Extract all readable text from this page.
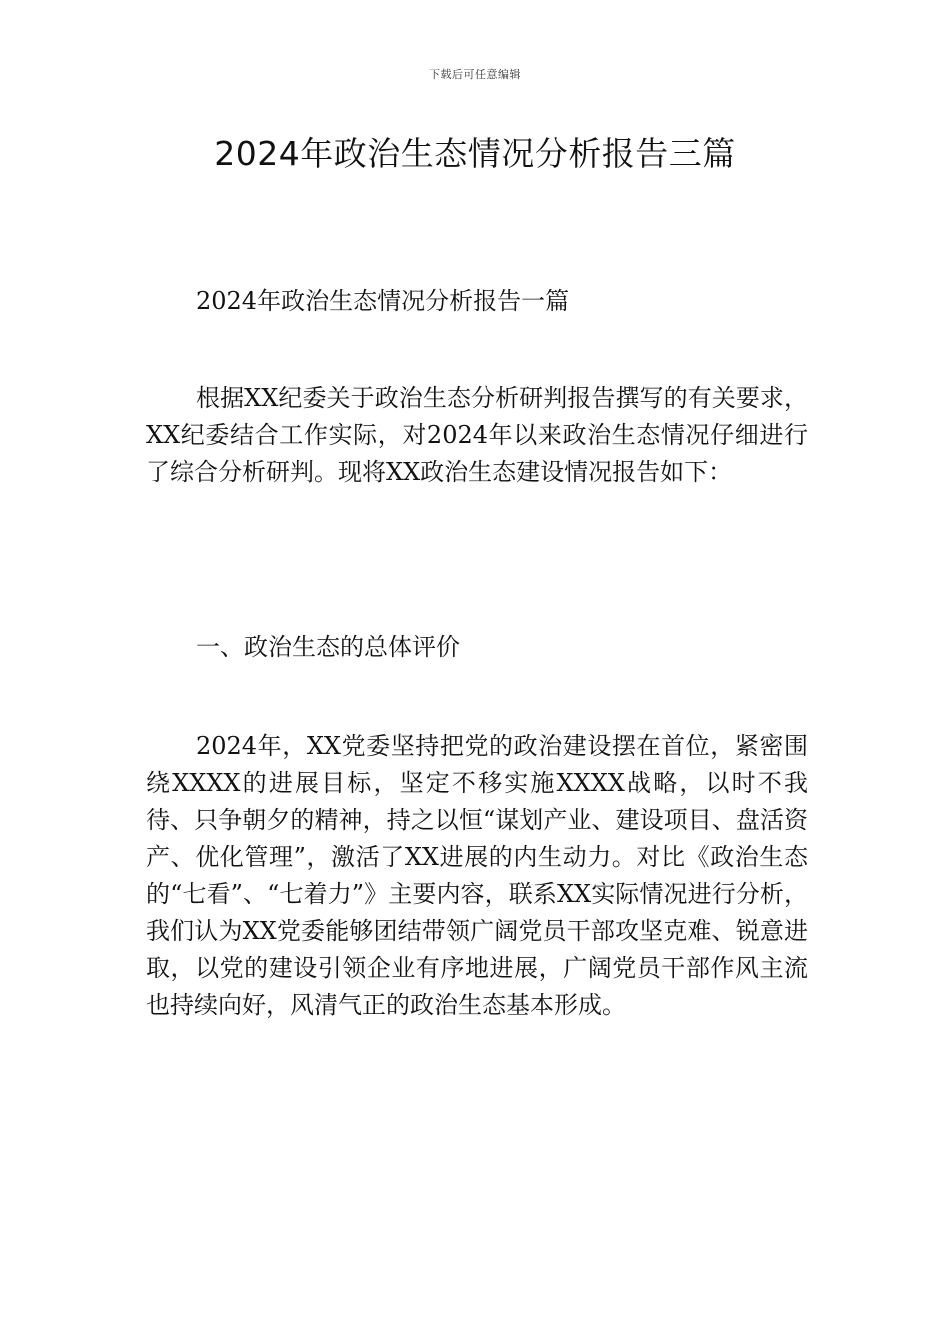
下载后可任意编辑
2024年政治生态情况分析报告三篇

2024年政治生态情况分析报告一篇

根据XX纪委关于政治生态分析研判报告撰写的有关要求，XX纪委结合工作实际，对2024年以来政治生态情况仔细进行了综合分析研判。现将XX政治生态建设情况报告如下：

一、政治生态的总体评价

2024年，XX党委坚持把党的政治建设摆在首位，紧密围绕XXXX的进展目标，坚定不移实施XXXX战略，以时不我待、只争朝夕的精神，持之以恒“谋划产业、建设项目、盘活资产、优化管理”，激活了XX进展的内生动力。对比《政治生态的“七看”、“七着力”》主要内容，联系XX实际情况进行分析，我们认为XX党委能够团结带领广阔党员干部攻坚克难、锐意进取，以党的建设引领企业有序地进展，广阔党员干部作风主流也持续向好，风清气正的政治生态基本形成。
